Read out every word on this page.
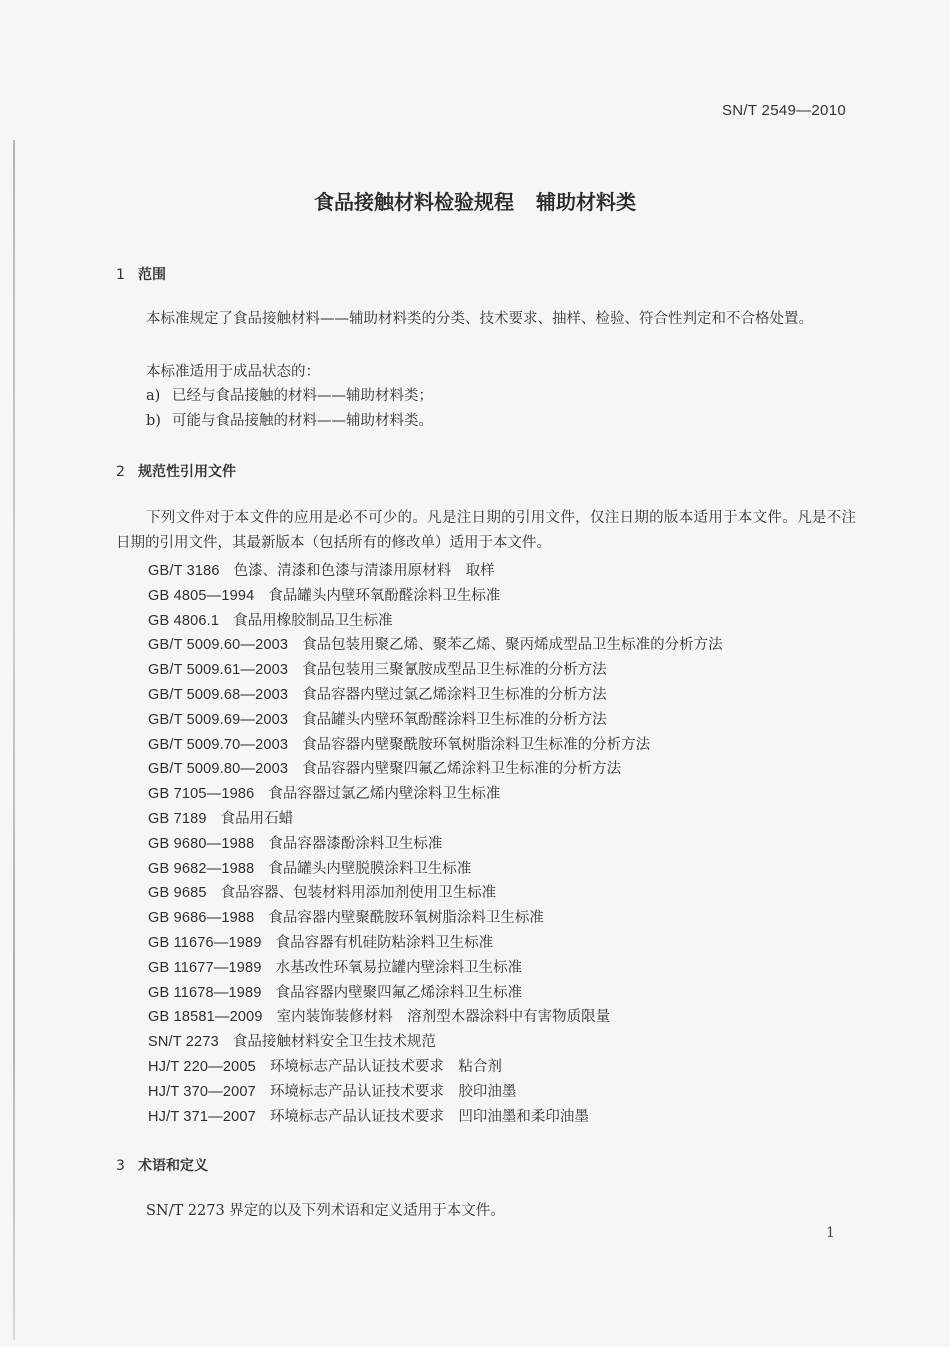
SN/T 2549—2010
食品接触材料检验规程 辅助材料类
1 范围
本标准规定了食品接触材料——辅助材料类的分类、技术要求、抽样、检验、符合性判定和不合格处置。
本标准适用于成品状态的：
a) 已经与食品接触的材料——辅助材料类；
b) 可能与食品接触的材料——辅助材料类。
2 规范性引用文件
下列文件对于本文件的应用是必不可少的。凡是注日期的引用文件，仅注日期的版本适用于本文件。凡是不注日期的引用文件，其最新版本（包括所有的修改单）适用于本文件。
GB/T 3186 色漆、清漆和色漆与清漆用原材料　取样
GB 4805—1994 食品罐头内壁环氧酚醛涂料卫生标准
GB 4806.1 食品用橡胶制品卫生标准
GB/T 5009.60—2003 食品包装用聚乙烯、聚苯乙烯、聚丙烯成型品卫生标准的分析方法
GB/T 5009.61—2003 食品包装用三聚氰胺成型品卫生标准的分析方法
GB/T 5009.68—2003 食品容器内壁过氯乙烯涂料卫生标准的分析方法
GB/T 5009.69—2003 食品罐头内壁环氧酚醛涂料卫生标准的分析方法
GB/T 5009.70—2003 食品容器内壁聚酰胺环氧树脂涂料卫生标准的分析方法
GB/T 5009.80—2003 食品容器内壁聚四氟乙烯涂料卫生标准的分析方法
GB 7105—1986 食品容器过氯乙烯内壁涂料卫生标准
GB 7189 食品用石蜡
GB 9680—1988 食品容器漆酚涂料卫生标准
GB 9682—1988 食品罐头内壁脱膜涂料卫生标准
GB 9685 食品容器、包装材料用添加剂使用卫生标准
GB 9686—1988 食品容器内壁聚酰胺环氧树脂涂料卫生标准
GB 11676—1989 食品容器有机硅防粘涂料卫生标准
GB 11677—1989 水基改性环氧易拉罐内壁涂料卫生标准
GB 11678—1989 食品容器内壁聚四氟乙烯涂料卫生标准
GB 18581—2009 室内装饰装修材料　溶剂型木器涂料中有害物质限量
SN/T 2273 食品接触材料安全卫生技术规范
HJ/T 220—2005 环境标志产品认证技术要求　粘合剂
HJ/T 370—2007 环境标志产品认证技术要求　胶印油墨
HJ/T 371—2007 环境标志产品认证技术要求　凹印油墨和柔印油墨
3 术语和定义
SN/T 2273 界定的以及下列术语和定义适用于本文件。
1
